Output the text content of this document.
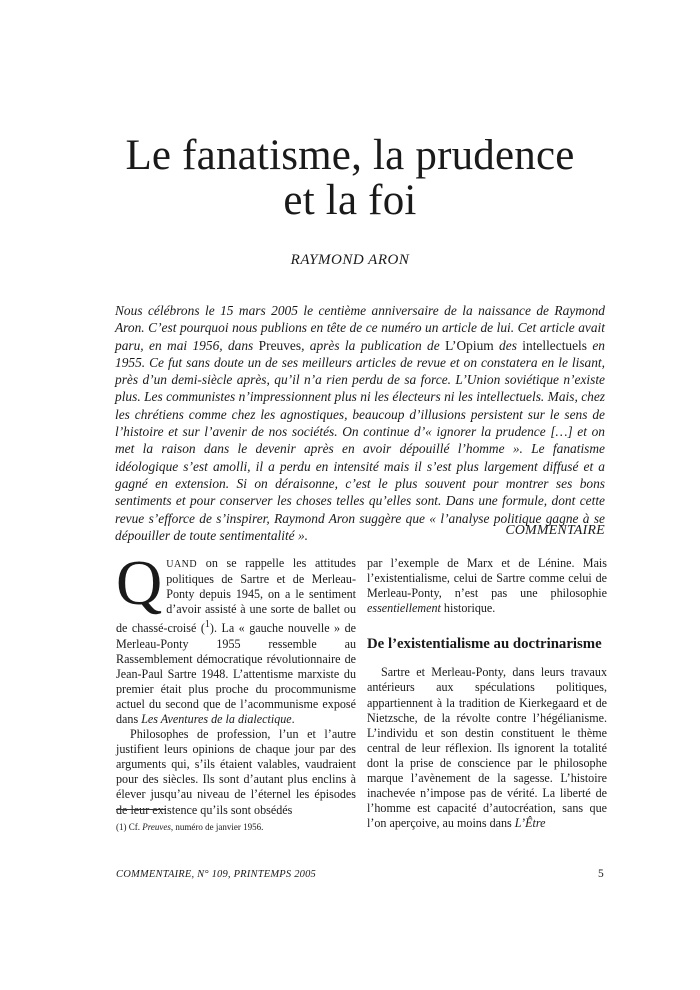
Le fanatisme, la prudence
et la foi
RAYMOND ARON
Nous célébrons le 15 mars 2005 le centième anniversaire de la naissance de Raymond Aron. C’est pourquoi nous publions en tête de ce numéro un article de lui. Cet article avait paru, en mai 1956, dans Preuves, après la publication de L’Opium des intellectuels en 1955. Ce fut sans doute un de ses meilleurs articles de revue et on constatera en le lisant, près d’un demi-siècle après, qu’il n’a rien perdu de sa force. L’Union soviétique n’existe plus. Les communistes n’impressionnent plus ni les électeurs ni les intellectuels. Mais, chez les chrétiens comme chez les agnostiques, beaucoup d’illusions persistent sur le sens de l’histoire et sur l’avenir de nos sociétés. On continue d’« ignorer la prudence […] et on met la raison dans le devenir après en avoir dépouillé l’homme ». Le fanatisme idéologique s’est amolli, il a perdu en intensité mais il s’est plus largement diffusé et a gagné en extension. Si on déraisonne, c’est le plus souvent pour montrer ses bons sentiments et pour conserver les choses telles qu’elles sont. Dans une formule, dont cette revue s’efforce de s’inspirer, Raymond Aron suggère que « l’analyse politique gagne à se dépouiller de toute sentimentalité ».	COMMENTAIRE

QUAND on se rappelle les attitudes politiques de Sartre et de Merleau-Ponty depuis 1945, on a le sentiment d’avoir assisté à une sorte de ballet ou de chassé-croisé ($^1$). La « gauche nouvelle » de Merleau-Ponty 1955 ressemble au Rassemblement démocratique révolutionnaire de Jean-Paul Sartre 1948. L’attentisme marxiste du premier était plus proche du procommunisme actuel du second que de l’acommunisme exposé dans Les Aventures de la dialectique.

Philosophes de profession, l’un et l’autre justifient leurs opinions de chaque jour par des arguments qui, s’ils étaient valables, vaudraient pour des siècles. Ils sont d’autant plus enclins à élever jusqu’au niveau de l’éternel les épisodes de leur existence qu’ils sont obsédés

par l’exemple de Marx et de Lénine. Mais l’existentialisme, celui de Sartre comme celui de Merleau-Ponty, n’est pas une philosophie essentiellement historique.

De l’existentialisme au doctrinarisme

Sartre et Merleau-Ponty, dans leurs travaux antérieurs aux spéculations politiques, appartiennent à la tradition de Kierkegaard et de Nietzsche, de la révolte contre l’hégélianisme. L’individu et son destin constituent le thème central de leur réflexion. Ils ignorent la totalité dont la prise de conscience par le philosophe marque l’avènement de la sagesse. L’histoire inachevée n’impose pas de vérité. La liberté de l’homme est capacité d’autocréation, sans que l’on aperçoive, au moins dans L’Être

(1) Cf. Preuves, numéro de janvier 1956.
COMMENTAIRE, N° 109, PRINTEMPS 2005	5
